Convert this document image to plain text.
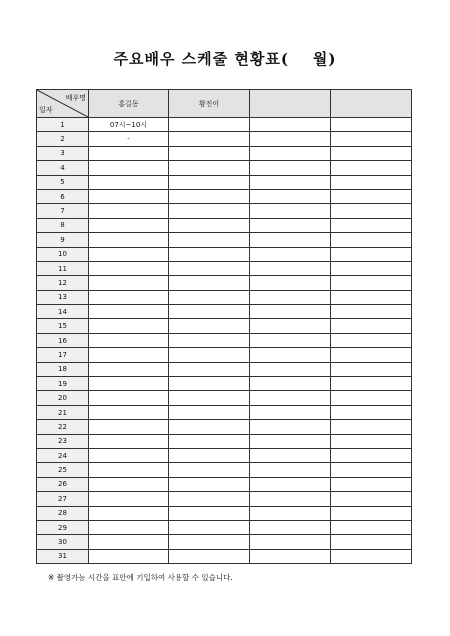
주요배우 스케줄 현황표( 월)
배우명
일자	홍길동	황진이		
1	07시~10시			
2	-			
3				
4				
5				
6				
7				
8				
9				
10				
11				
12				
13				
14				
15				
16				
17				
18				
19				
20				
21				
22				
23				
24				
25				
26				
27				
28				
29				
30				
31				
※ 촬영가능 시간을 표안에 기입하여 사용할 수 있습니다.
